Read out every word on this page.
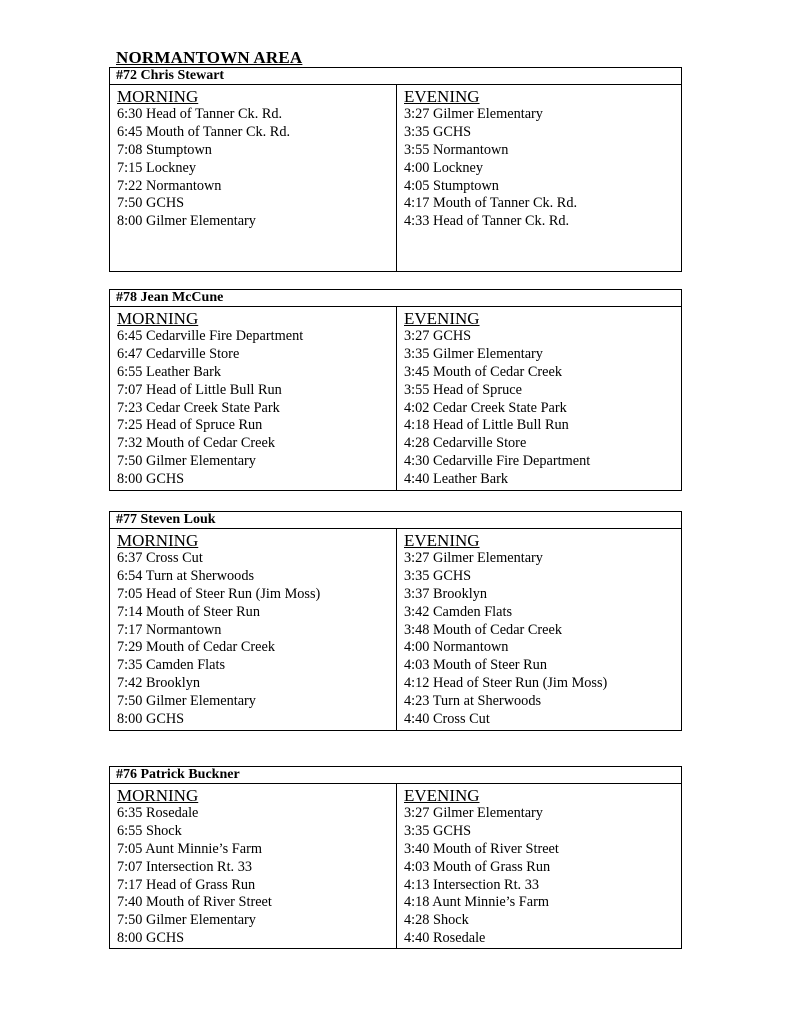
NORMANTOWN AREA
#72 Chris Stewart
MORNING
6:30 Head of Tanner Ck. Rd.
6:45 Mouth of Tanner Ck. Rd.
7:08 Stumptown
7:15 Lockney
7:22 Normantown
7:50 GCHS
8:00 Gilmer Elementary
EVENING
3:27 Gilmer Elementary
3:35 GCHS
3:55 Normantown
4:00 Lockney
4:05 Stumptown
4:17 Mouth of Tanner Ck. Rd.
4:33 Head of Tanner Ck. Rd.
#78 Jean McCune
MORNING
6:45 Cedarville Fire Department
6:47 Cedarville Store
6:55 Leather Bark
7:07 Head of Little Bull Run
7:23 Cedar Creek State Park
7:25 Head of Spruce Run
7:32 Mouth of Cedar Creek
7:50 Gilmer Elementary
8:00 GCHS
EVENING
3:27 GCHS
3:35 Gilmer Elementary
3:45 Mouth of Cedar Creek
3:55 Head of Spruce
4:02 Cedar Creek State Park
4:18 Head of Little Bull Run
4:28 Cedarville Store
4:30 Cedarville Fire Department
4:40 Leather Bark
#77 Steven Louk
MORNING
6:37 Cross Cut
6:54 Turn at Sherwoods
7:05 Head of Steer Run (Jim Moss)
7:14 Mouth of Steer Run
7:17 Normantown
7:29 Mouth of Cedar Creek
7:35 Camden Flats
7:42 Brooklyn
7:50 Gilmer Elementary
8:00 GCHS
EVENING
3:27 Gilmer Elementary
3:35 GCHS
3:37 Brooklyn
3:42 Camden Flats
3:48 Mouth of Cedar Creek
4:00 Normantown
4:03 Mouth of Steer Run
4:12 Head of Steer Run (Jim Moss)
4:23 Turn at Sherwoods
4:40 Cross Cut
#76 Patrick Buckner
MORNING
6:35 Rosedale
6:55 Shock
7:05 Aunt Minnie’s Farm
7:07 Intersection Rt. 33
7:17 Head of Grass Run
7:40 Mouth of River Street
7:50 Gilmer Elementary
8:00 GCHS
EVENING
3:27 Gilmer Elementary
3:35 GCHS
3:40 Mouth of River Street
4:03 Mouth of Grass Run
4:13 Intersection Rt. 33
4:18 Aunt Minnie’s Farm
4:28 Shock
4:40 Rosedale
